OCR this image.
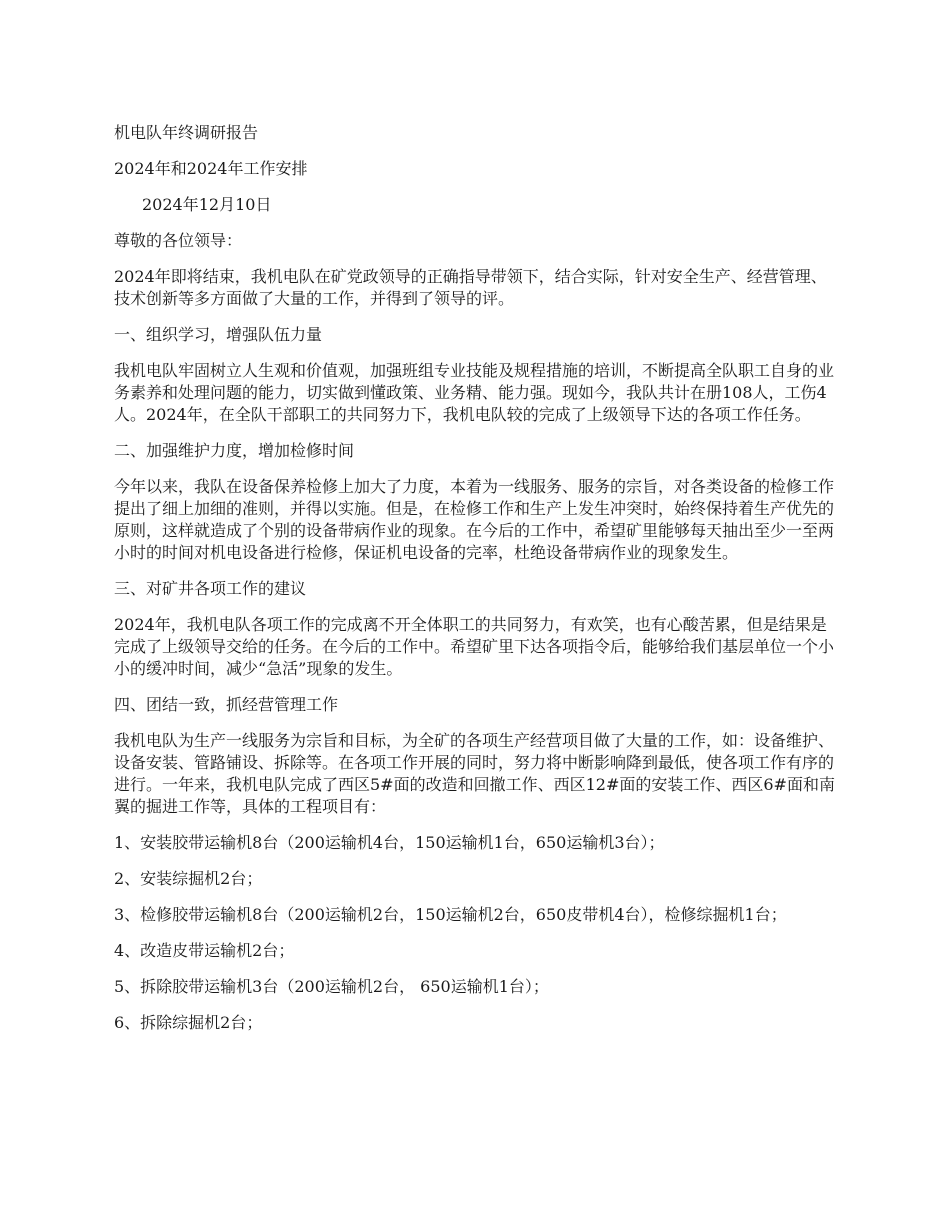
机电队年终调研报告

2024年和2024年工作安排

2024年12月10日

尊敬的各位领导：

2024年即将结束，我机电队在矿党政领导的正确指导带领下，结合实际，针对安全生产、经营管理、技术创新等多方面做了大量的工作，并得到了领导的评。

一、组织学习，增强队伍力量

我机电队牢固树立人生观和价值观，加强班组专业技能及规程措施的培训，不断提高全队职工自身的业务素养和处理问题的能力，切实做到懂政策、业务精、能力强。现如今，我队共计在册108人，工伤4人。2024年，在全队干部职工的共同努力下，我机电队较的完成了上级领导下达的各项工作任务。

二、加强维护力度，增加检修时间

今年以来，我队在设备保养检修上加大了力度，本着为一线服务、服务的宗旨，对各类设备的检修工作提出了细上加细的准则，并得以实施。但是，在检修工作和生产上发生冲突时，始终保持着生产优先的原则，这样就造成了个别的设备带病作业的现象。在今后的工作中，希望矿里能够每天抽出至少一至两小时的时间对机电设备进行检修，保证机电设备的完率，杜绝设备带病作业的现象发生。

三、对矿井各项工作的建议

2024年，我机电队各项工作的完成离不开全体职工的共同努力，有欢笑，也有心酸苦累，但是结果是完成了上级领导交给的任务。在今后的工作中。希望矿里下达各项指令后，能够给我们基层单位一个小小的缓冲时间，减少“急活”现象的发生。

四、团结一致，抓经营管理工作

我机电队为生产一线服务为宗旨和目标，为全矿的各项生产经营项目做了大量的工作，如：设备维护、设备安装、管路铺设、拆除等。在各项工作开展的同时，努力将中断影响降到最低，使各项工作有序的进行。一年来，我机电队完成了西区5#面的改造和回撤工作、西区12#面的安装工作、西区6#面和南翼的掘进工作等，具体的工程项目有：

1、安装胶带运输机8台（200运输机4台，150运输机1台，650运输机3台）；

2、安装综掘机2台；

3、检修胶带运输机8台（200运输机2台，150运输机2台，650皮带机4台），检修综掘机1台；

4、改造皮带运输机2台；

5、拆除胶带运输机3台（200运输机2台， 650运输机1台）；

6、拆除综掘机2台；
